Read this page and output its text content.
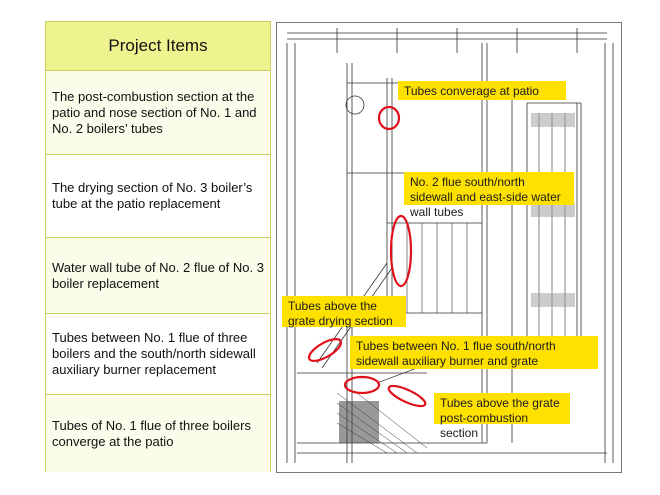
Project Items
The post-combustion section at the patio and nose section of No. 1 and No. 2 boilers’ tubes
The drying section of No. 3 boiler’s tube at the patio replacement
Water wall tube of No. 2 flue of No. 3 boiler replacement
Tubes between No. 1 flue of three boilers and the south/north sidewall auxiliary burner replacement
Tubes of No. 1 flue of three boilers converge at the patio
Tubes converage at patio
No. 2 flue south/north sidewall and east-side water wall tubes
Tubes above the grate drying section
Tubes between No. 1 flue south/north sidewall auxiliary burner and grate
Tubes above the grate post-combustion section
